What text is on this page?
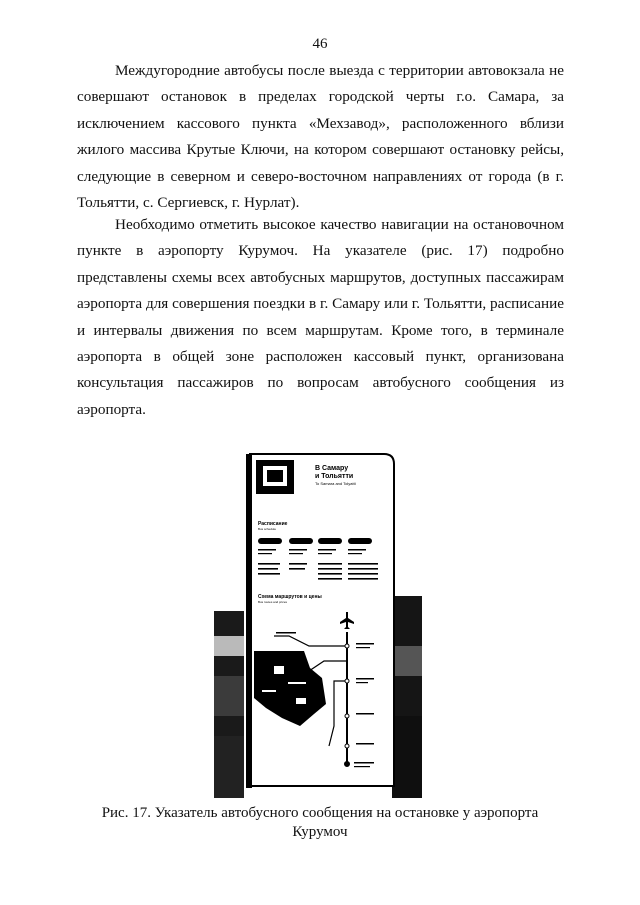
46

Междугородние автобусы после выезда с территории автовокзала не совершают остановок в пределах городской черты г.о. Самара, за исключением кассового пункта «Мехзавод», расположенного вблизи жилого массива Крутые Ключи, на котором совершают остановку рейсы, следующие в северном и северо-восточном направлениях от города (в г. Тольятти, с. Сергиевск, г. Нурлат).

Необходимо отметить высокое качество навигации на остановочном пункте в аэропорту Курумоч. На указателе (рис. 17) подробно представлены схемы всех автобусных маршрутов, доступных пассажирам аэропорта для совершения поездки в г. Самару или г. Тольятти, расписание и интервалы движения по всем маршрутам. Кроме того, в терминале аэропорта в общей зоне расположен кассовый пункт, организована консультация пассажиров по вопросам автобусного сообщения из аэропорта.

В Самару
и Тольятти
To Samara and Tolyatti
Расписание
Bus schedule
Схема маршрутов и цены
Bus routes and prices
Рис. 17. Указатель автобусного сообщения на остановке у аэропорта
Курумоч
